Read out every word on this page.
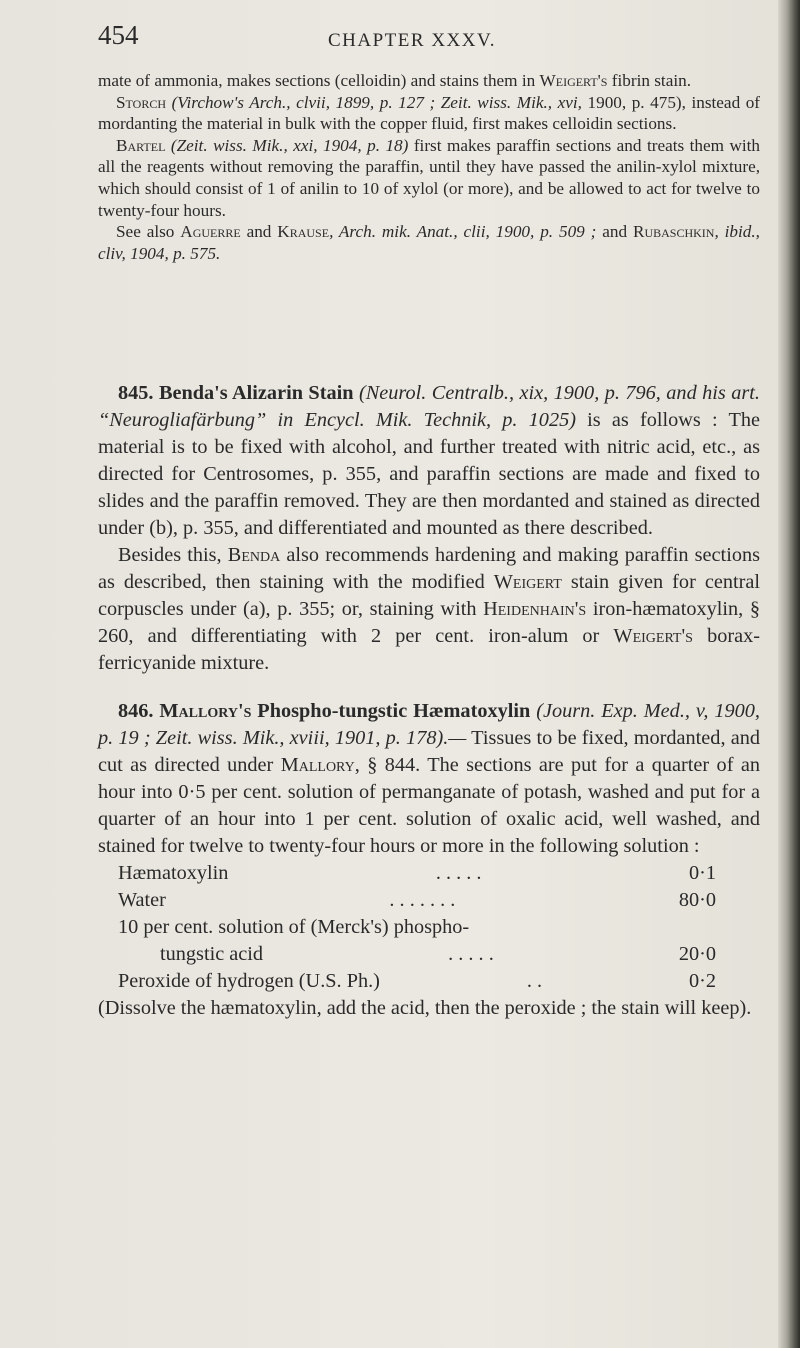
454	CHAPTER XXXV.

mate of ammonia, makes sections (celloidin) and stains them in Weigert's fibrin stain.

Storch (Virchow's Arch., clvii, 1899, p. 127 ; Zeit. wiss. Mik., xvi, 1900, p. 475), instead of mordanting the material in bulk with the copper fluid, first makes celloidin sections.

Bartel (Zeit. wiss. Mik., xxi, 1904, p. 18) first makes paraffin sections and treats them with all the reagents without removing the paraffin, until they have passed the anilin-xylol mixture, which should consist of 1 of anilin to 10 of xylol (or more), and be allowed to act for twelve to twenty-four hours.

See also Aguerre and Krause, Arch. mik. Anat., clii, 1900, p. 509 ; and Rubaschkin, ibid., cliv, 1904, p. 575.

845. Benda's Alizarin Stain (Neurol. Centralb., xix, 1900, p. 796, and his art. “Neurogliafärbung” in Encycl. Mik. Technik, p. 1025) is as follows : The material is to be fixed with alcohol, and further treated with nitric acid, etc., as directed for Centrosomes, p. 355, and paraffin sections are made and fixed to slides and the paraffin removed. They are then mordanted and stained as directed under (b), p. 355, and differentiated and mounted as there described.

Besides this, Benda also recommends hardening and making paraffin sections as described, then staining with the modified Weigert stain given for central corpuscles under (a), p. 355; or, staining with Heidenhain's iron-hæmatoxylin, § 260, and differentiating with 2 per cent. iron-alum or Weigert's borax-ferricyanide mixture.

846. Mallory's Phospho-tungstic Hæmatoxylin (Journ. Exp. Med., v, 1900, p. 19 ; Zeit. wiss. Mik., xviii, 1901, p. 178).— Tissues to be fixed, mordanted, and cut as directed under Mallory, § 844. The sections are put for a quarter of an hour into 0·5 per cent. solution of permanganate of potash, washed and put for a quarter of an hour into 1 per cent. solution of oxalic acid, well washed, and stained for twelve to twenty-four hours or more in the following solution :

Hæmatoxylin	. . . . .	0·1
Water	. . . . . . .	80·0
10 per cent. solution of (Merck's) phospho-
tungstic acid	. . . . .	20·0
Peroxide of hydrogen (U.S. Ph.)	. .	0·2

(Dissolve the hæmatoxylin, add the acid, then the peroxide ; the stain will keep).
